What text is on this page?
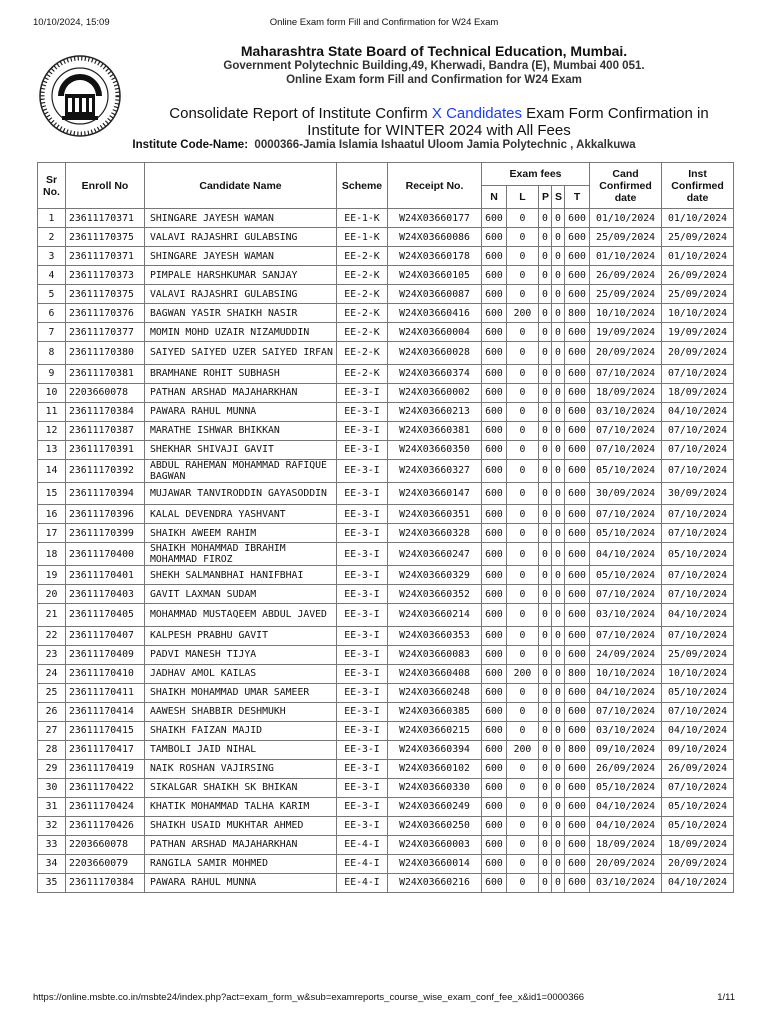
10/10/2024, 15:09	Online Exam form Fill and Confirmation for W24 Exam
Maharashtra State Board of Technical Education, Mumbai.
Government Polytechnic Building,49, Kherwadi, Bandra (E), Mumbai 400 051.
Online Exam form Fill and Confirmation for W24 Exam
Consolidate Report of Institute Confirm X Candidates Exam Form Confirmation in
Institute for WINTER 2024 with All Fees
Institute Code-Name: 0000366-Jamia Islamia Ishaatul Uloom Jamia Polytechnic , Akkalkuwa
Sr No.	Enroll No	Candidate Name	Scheme	Receipt No.	Exam fees					Cand Confirmed date	Inst Confirmed date
					N	L	P	S	T		
1	23611170371	SHINGARE JAYESH WAMAN	EE-1-K	W24X03660177	600	0	0	0	600	01/10/2024	01/10/2024
2	23611170375	VALAVI RAJASHRI GULABSING	EE-1-K	W24X03660086	600	0	0	0	600	25/09/2024	25/09/2024
3	23611170371	SHINGARE JAYESH WAMAN	EE-2-K	W24X03660178	600	0	0	0	600	01/10/2024	01/10/2024
4	23611170373	PIMPALE HARSHKUMAR SANJAY	EE-2-K	W24X03660105	600	0	0	0	600	26/09/2024	26/09/2024
5	23611170375	VALAVI RAJASHRI GULABSING	EE-2-K	W24X03660087	600	0	0	0	600	25/09/2024	25/09/2024
6	23611170376	BAGWAN YASIR SHAIKH NASIR	EE-2-K	W24X03660416	600	200	0	0	800	10/10/2024	10/10/2024
7	23611170377	MOMIN MOHD UZAIR NIZAMUDDIN	EE-2-K	W24X03660004	600	0	0	0	600	19/09/2024	19/09/2024
8	23611170380	SAIYED SAIYED UZER SAIYED IRFAN	EE-2-K	W24X03660028	600	0	0	0	600	20/09/2024	20/09/2024
9	23611170381	BRAMHANE ROHIT SUBHASH	EE-2-K	W24X03660374	600	0	0	0	600	07/10/2024	07/10/2024
10	2203660078	PATHAN ARSHAD MAJAHARKHAN	EE-3-I	W24X03660002	600	0	0	0	600	18/09/2024	18/09/2024
11	23611170384	PAWARA RAHUL MUNNA	EE-3-I	W24X03660213	600	0	0	0	600	03/10/2024	04/10/2024
12	23611170387	MARATHE ISHWAR BHIKKAN	EE-3-I	W24X03660381	600	0	0	0	600	07/10/2024	07/10/2024
13	23611170391	SHEKHAR SHIVAJI GAVIT	EE-3-I	W24X03660350	600	0	0	0	600	07/10/2024	07/10/2024
14	23611170392	ABDUL RAHEMAN MOHAMMAD RAFIQUE BAGWAN	EE-3-I	W24X03660327	600	0	0	0	600	05/10/2024	07/10/2024
15	23611170394	MUJAWAR TANVIRODDIN GAYASODDIN	EE-3-I	W24X03660147	600	0	0	0	600	30/09/2024	30/09/2024
16	23611170396	KALAL DEVENDRA YASHVANT	EE-3-I	W24X03660351	600	0	0	0	600	07/10/2024	07/10/2024
17	23611170399	SHAIKH AWEEM RAHIM	EE-3-I	W24X03660328	600	0	0	0	600	05/10/2024	07/10/2024
18	23611170400	SHAIKH MOHAMMAD IBRAHIM MOHAMMAD FIROZ	EE-3-I	W24X03660247	600	0	0	0	600	04/10/2024	05/10/2024
19	23611170401	SHEKH SALMANBHAI HANIFBHAI	EE-3-I	W24X03660329	600	0	0	0	600	05/10/2024	07/10/2024
20	23611170403	GAVIT LAXMAN SUDAM	EE-3-I	W24X03660352	600	0	0	0	600	07/10/2024	07/10/2024
21	23611170405	MOHAMMAD MUSTAQEEM ABDUL JAVED	EE-3-I	W24X03660214	600	0	0	0	600	03/10/2024	04/10/2024
22	23611170407	KALPESH PRABHU GAVIT	EE-3-I	W24X03660353	600	0	0	0	600	07/10/2024	07/10/2024
23	23611170409	PADVI MANESH TIJYA	EE-3-I	W24X03660083	600	0	0	0	600	24/09/2024	25/09/2024
24	23611170410	JADHAV AMOL KAILAS	EE-3-I	W24X03660408	600	200	0	0	800	10/10/2024	10/10/2024
25	23611170411	SHAIKH MOHAMMAD UMAR SAMEER	EE-3-I	W24X03660248	600	0	0	0	600	04/10/2024	05/10/2024
26	23611170414	AAWESH SHABBIR DESHMUKH	EE-3-I	W24X03660385	600	0	0	0	600	07/10/2024	07/10/2024
27	23611170415	SHAIKH FAIZAN MAJID	EE-3-I	W24X03660215	600	0	0	0	600	03/10/2024	04/10/2024
28	23611170417	TAMBOLI JAID NIHAL	EE-3-I	W24X03660394	600	200	0	0	800	09/10/2024	09/10/2024
29	23611170419	NAIK ROSHAN VAJIRSING	EE-3-I	W24X03660102	600	0	0	0	600	26/09/2024	26/09/2024
30	23611170422	SIKALGAR SHAIKH SK BHIKAN	EE-3-I	W24X03660330	600	0	0	0	600	05/10/2024	07/10/2024
31	23611170424	KHATIK MOHAMMAD TALHA KARIM	EE-3-I	W24X03660249	600	0	0	0	600	04/10/2024	05/10/2024
32	23611170426	SHAIKH USAID MUKHTAR AHMED	EE-3-I	W24X03660250	600	0	0	0	600	04/10/2024	05/10/2024
33	2203660078	PATHAN ARSHAD MAJAHARKHAN	EE-4-I	W24X03660003	600	0	0	0	600	18/09/2024	18/09/2024
34	2203660079	RANGILA SAMIR MOHMED	EE-4-I	W24X03660014	600	0	0	0	600	20/09/2024	20/09/2024
35	23611170384	PAWARA RAHUL MUNNA	EE-4-I	W24X03660216	600	0	0	0	600	03/10/2024	04/10/2024
https://online.msbte.co.in/msbte24/index.php?act=exam_form_w&sub=examreports_course_wise_exam_conf_fee_x&id1=0000366	1/11
